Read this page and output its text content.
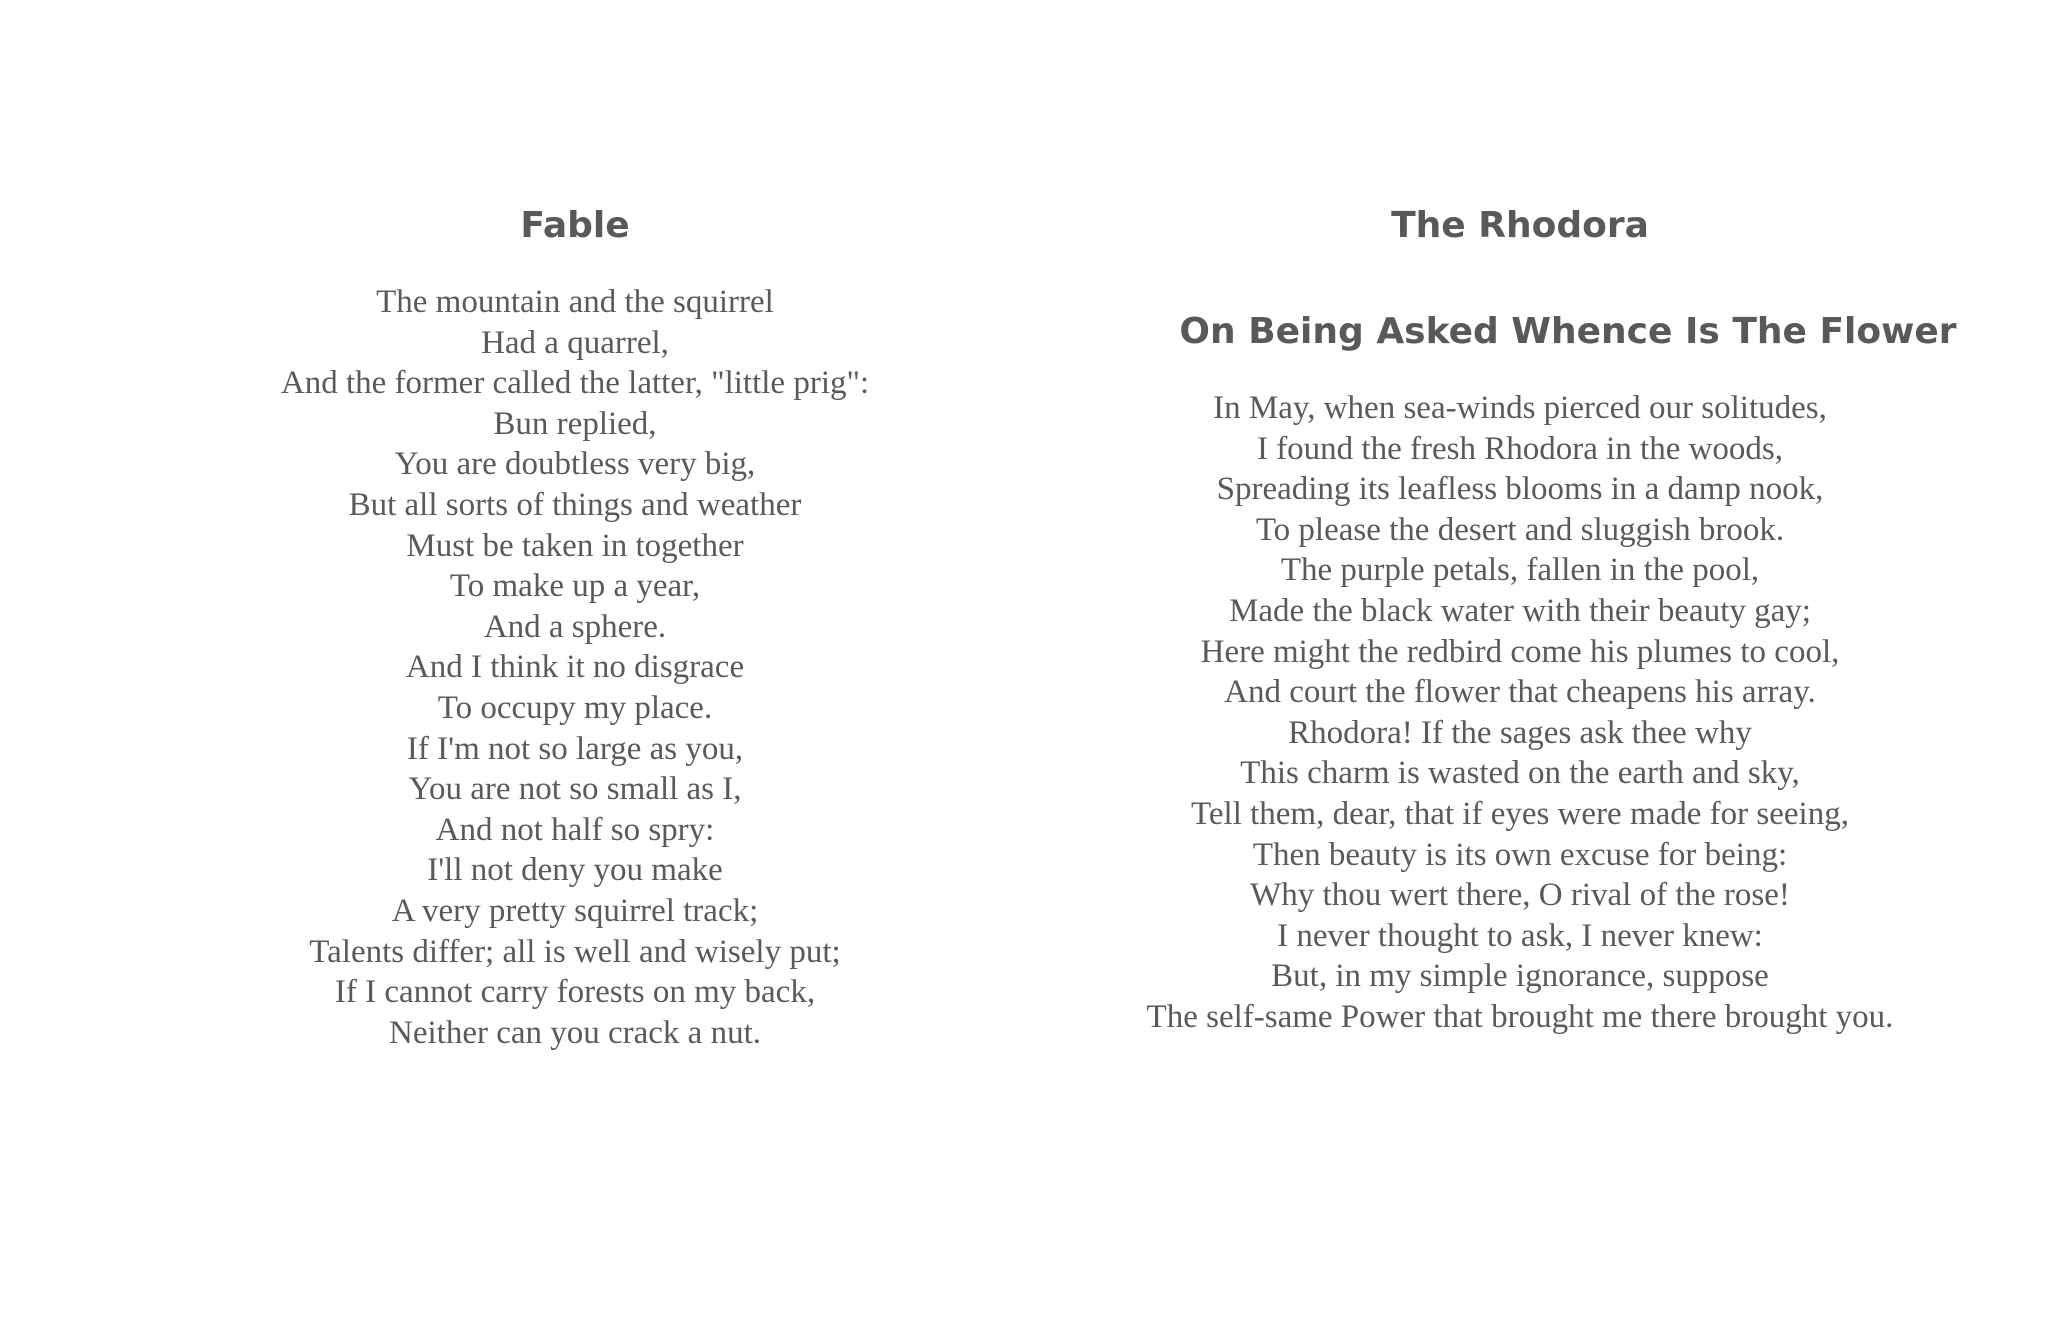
Fable
The mountain and the squirrel
Had a quarrel,
And the former called the latter, "little prig":
Bun replied,
You are doubtless very big,
But all sorts of things and weather
Must be taken in together
To make up a year,
And a sphere.
And I think it no disgrace
To occupy my place.
If I'm not so large as you,
You are not so small as I,
And not half so spry:
I'll not deny you make
A very pretty squirrel track;
Talents differ; all is well and wisely put;
If I cannot carry forests on my back,
Neither can you crack a nut.
The Rhodora
On Being Asked Whence Is The Flower
In May, when sea-winds pierced our solitudes,
I found the fresh Rhodora in the woods,
Spreading its leafless blooms in a damp nook,
To please the desert and sluggish brook.
The purple petals, fallen in the pool,
Made the black water with their beauty gay;
Here might the redbird come his plumes to cool,
And court the flower that cheapens his array.
Rhodora! If the sages ask thee why
This charm is wasted on the earth and sky,
Tell them, dear, that if eyes were made for seeing,
Then beauty is its own excuse for being:
Why thou wert there, O rival of the rose!
I never thought to ask, I never knew:
But, in my simple ignorance, suppose
The self-same Power that brought me there brought you.
